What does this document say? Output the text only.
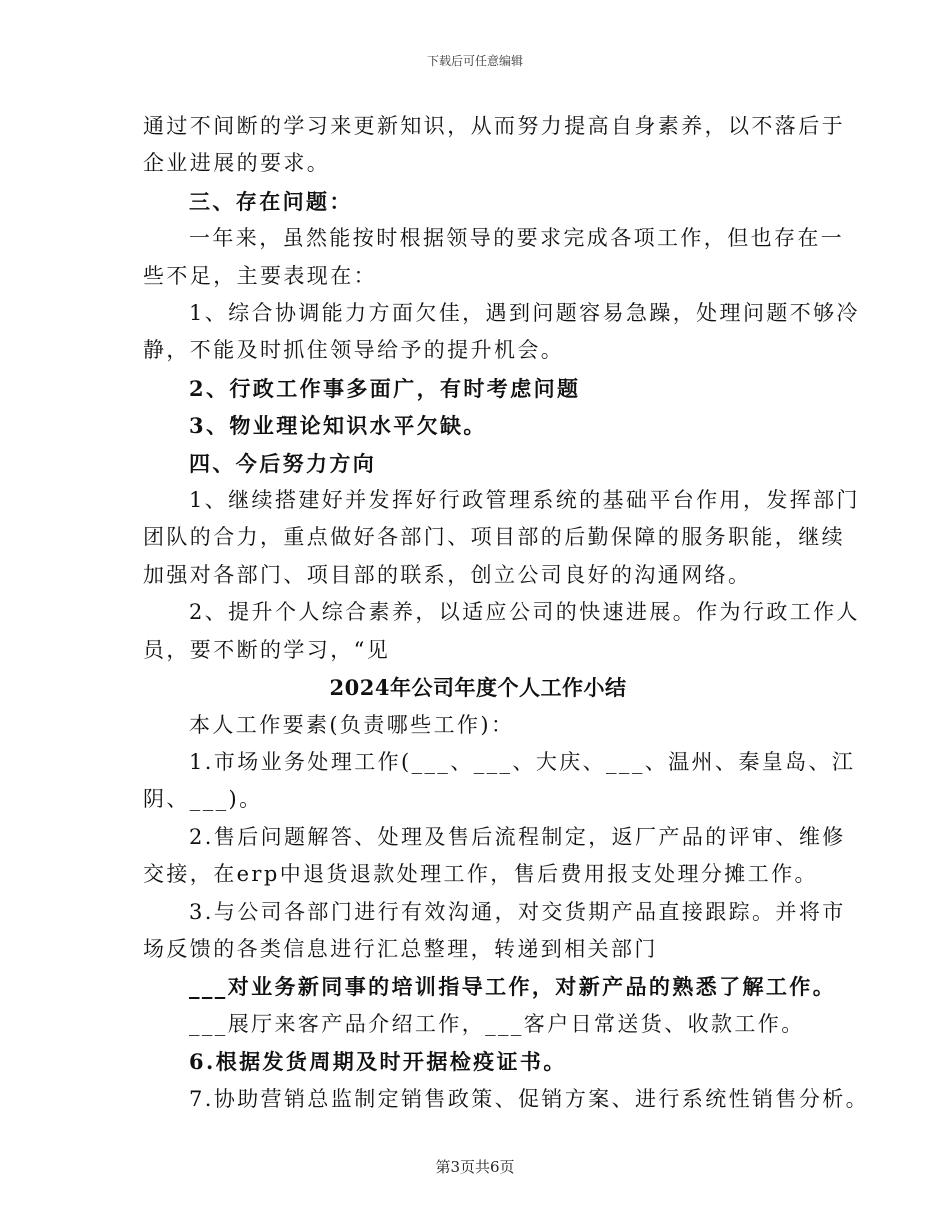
下载后可任意编辑

通过不间断的学习来更新知识，从而努力提高自身素养，以不落后于

企业进展的要求。

三、存在问题：

一年来，虽然能按时根据领导的要求完成各项工作，但也存在一

些不足，主要表现在：

1、综合协调能力方面欠佳，遇到问题容易急躁，处理问题不够冷

静，不能及时抓住领导给予的提升机会。

2、行政工作事多面广，有时考虑问题

3、物业理论知识水平欠缺。

四、今后努力方向

1、继续搭建好并发挥好行政管理系统的基础平台作用，发挥部门

团队的合力，重点做好各部门、项目部的后勤保障的服务职能，继续

加强对各部门、项目部的联系，创立公司良好的沟通网络。

2、提升个人综合素养，以适应公司的快速进展。作为行政工作人

员，要不断的学习，“见

2024年公司年度个人工作小结

本人工作要素(负责哪些工作)：

1.市场业务处理工作(___、___、大庆、___、温州、秦皇岛、江

阴、___)。

2.售后问题解答、处理及售后流程制定，返厂产品的评审、维修

交接，在erp中退货退款处理工作，售后费用报支处理分摊工作。

3.与公司各部门进行有效沟通，对交货期产品直接跟踪。并将市

场反馈的各类信息进行汇总整理，转递到相关部门

___对业务新同事的培训指导工作，对新产品的熟悉了解工作。

___展厅来客产品介绍工作，___客户日常送货、收款工作。

6.根据发货周期及时开据检疫证书。

7.协助营销总监制定销售政策、促销方案、进行系统性销售分析。

第3页共6页
